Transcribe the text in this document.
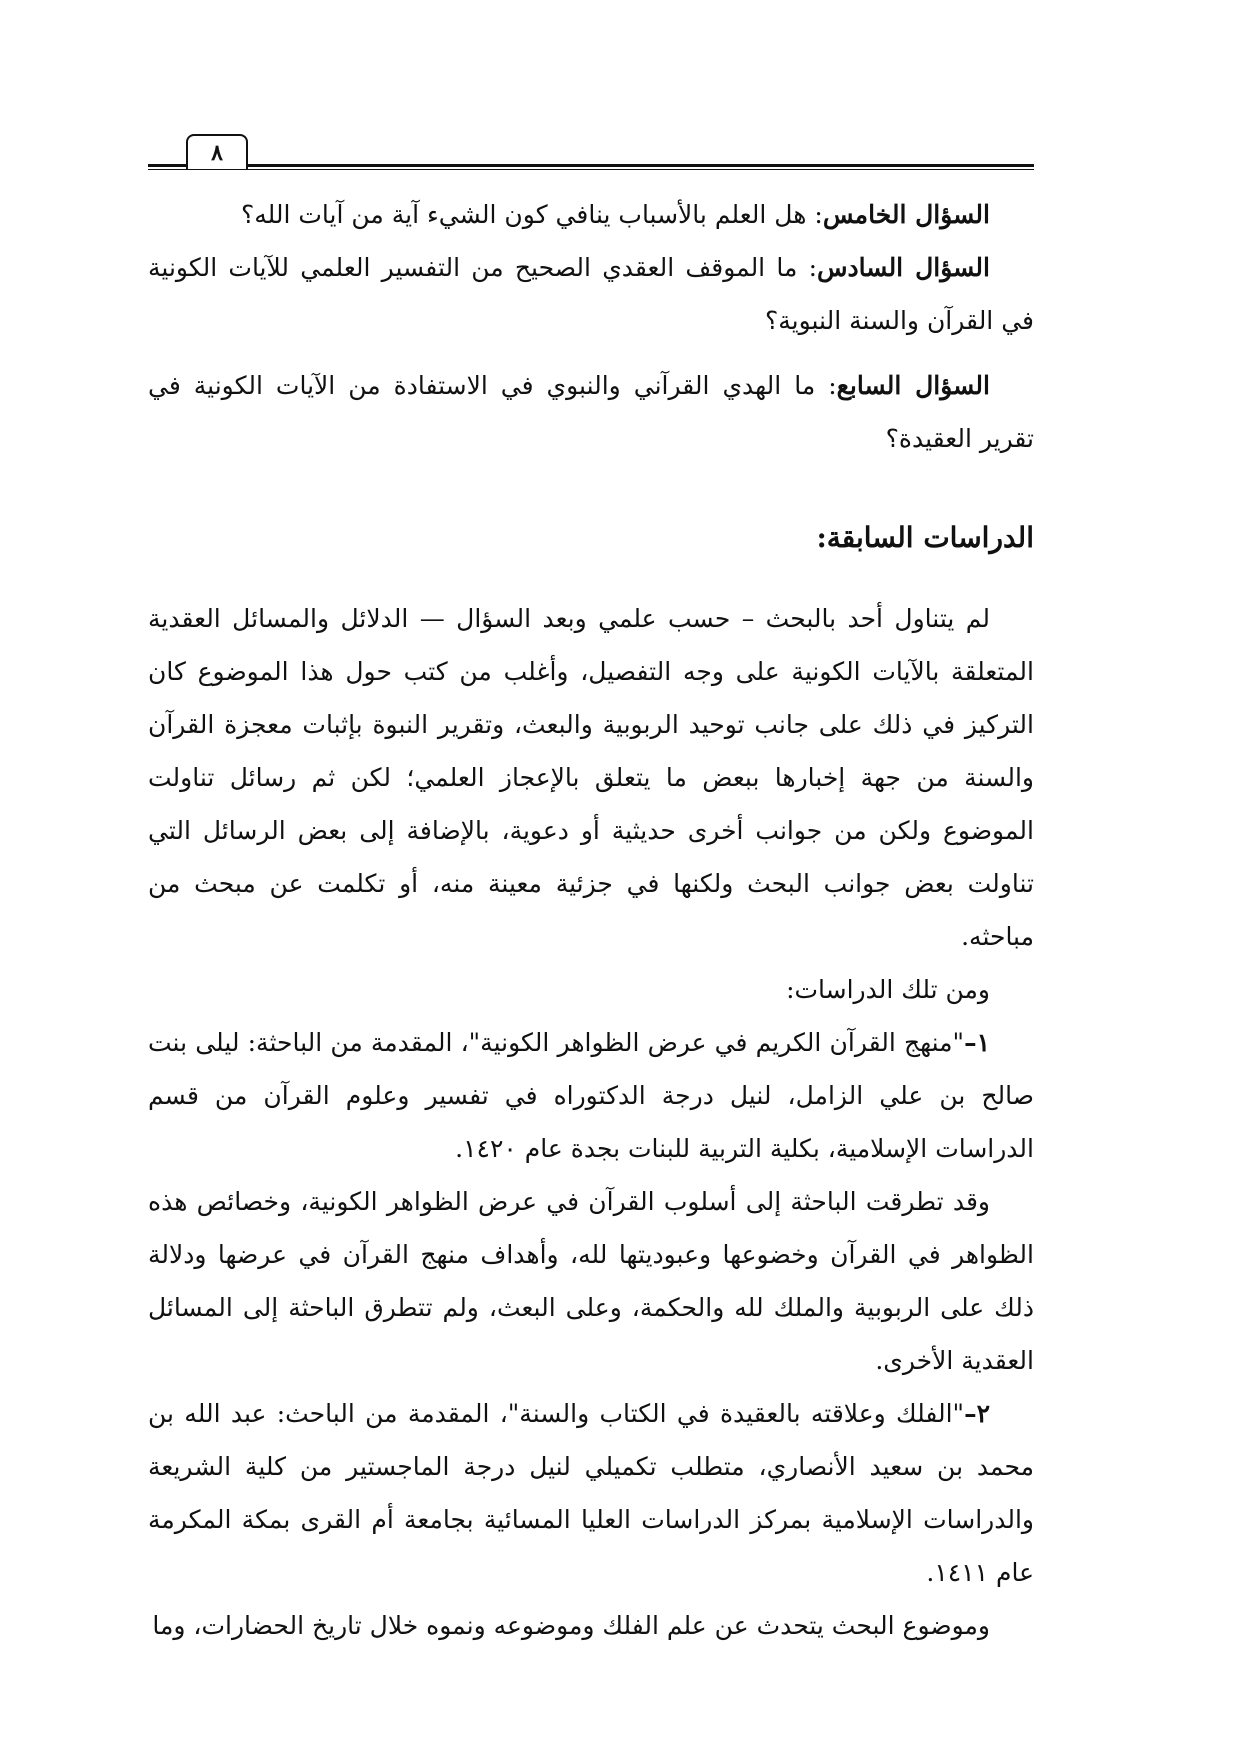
٨

السؤال الخامس: هل العلم بالأسباب ينافي كون الشيء آية من آيات الله؟

السؤال السادس: ما الموقف العقدي الصحيح من التفسير العلمي للآيات الكونية في القرآن والسنة النبوية؟

السؤال السابع: ما الهدي القرآني والنبوي في الاستفادة من الآيات الكونية في تقرير العقيدة؟

الدراسات السابقة:

لم يتناول أحد بالبحث – حسب علمي وبعد السؤال — الدلائل والمسائل العقدية المتعلقة بالآيات الكونية على وجه التفصيل، وأغلب من كتب حول هذا الموضوع كان التركيز في ذلك على جانب توحيد الربوبية والبعث، وتقرير النبوة بإثبات معجزة القرآن والسنة من جهة إخبارها ببعض ما يتعلق بالإعجاز العلمي؛ لكن ثم رسائل تناولت الموضوع ولكن من جوانب أخرى حديثية أو دعوية، بالإضافة إلى بعض الرسائل التي تناولت بعض جوانب البحث ولكنها في جزئية معينة منه، أو تكلمت عن مبحث من مباحثه.

ومن تلك الدراسات:

١–"منهج القرآن الكريم في عرض الظواهر الكونية"، المقدمة من الباحثة: ليلى بنت صالح بن علي الزامل، لنيل درجة الدكتوراه في تفسير وعلوم القرآن من قسم الدراسات الإسلامية، بكلية التربية للبنات بجدة عام ١٤٢٠.

وقد تطرقت الباحثة إلى أسلوب القرآن في عرض الظواهر الكونية، وخصائص هذه الظواهر في القرآن وخضوعها وعبوديتها لله، وأهداف منهج القرآن في عرضها ودلالة ذلك على الربوبية والملك لله والحكمة، وعلى البعث، ولم تتطرق الباحثة إلى المسائل العقدية الأخرى.

٢–"الفلك وعلاقته بالعقيدة في الكتاب والسنة"، المقدمة من الباحث: عبد الله بن محمد بن سعيد الأنصاري، متطلب تكميلي لنيل درجة الماجستير من كلية الشريعة والدراسات الإسلامية بمركز الدراسات العليا المسائية بجامعة أم القرى بمكة المكرمة عام ١٤١١.

وموضوع البحث يتحدث عن علم الفلك وموضوعه ونموه خلال تاريخ الحضارات، وما
